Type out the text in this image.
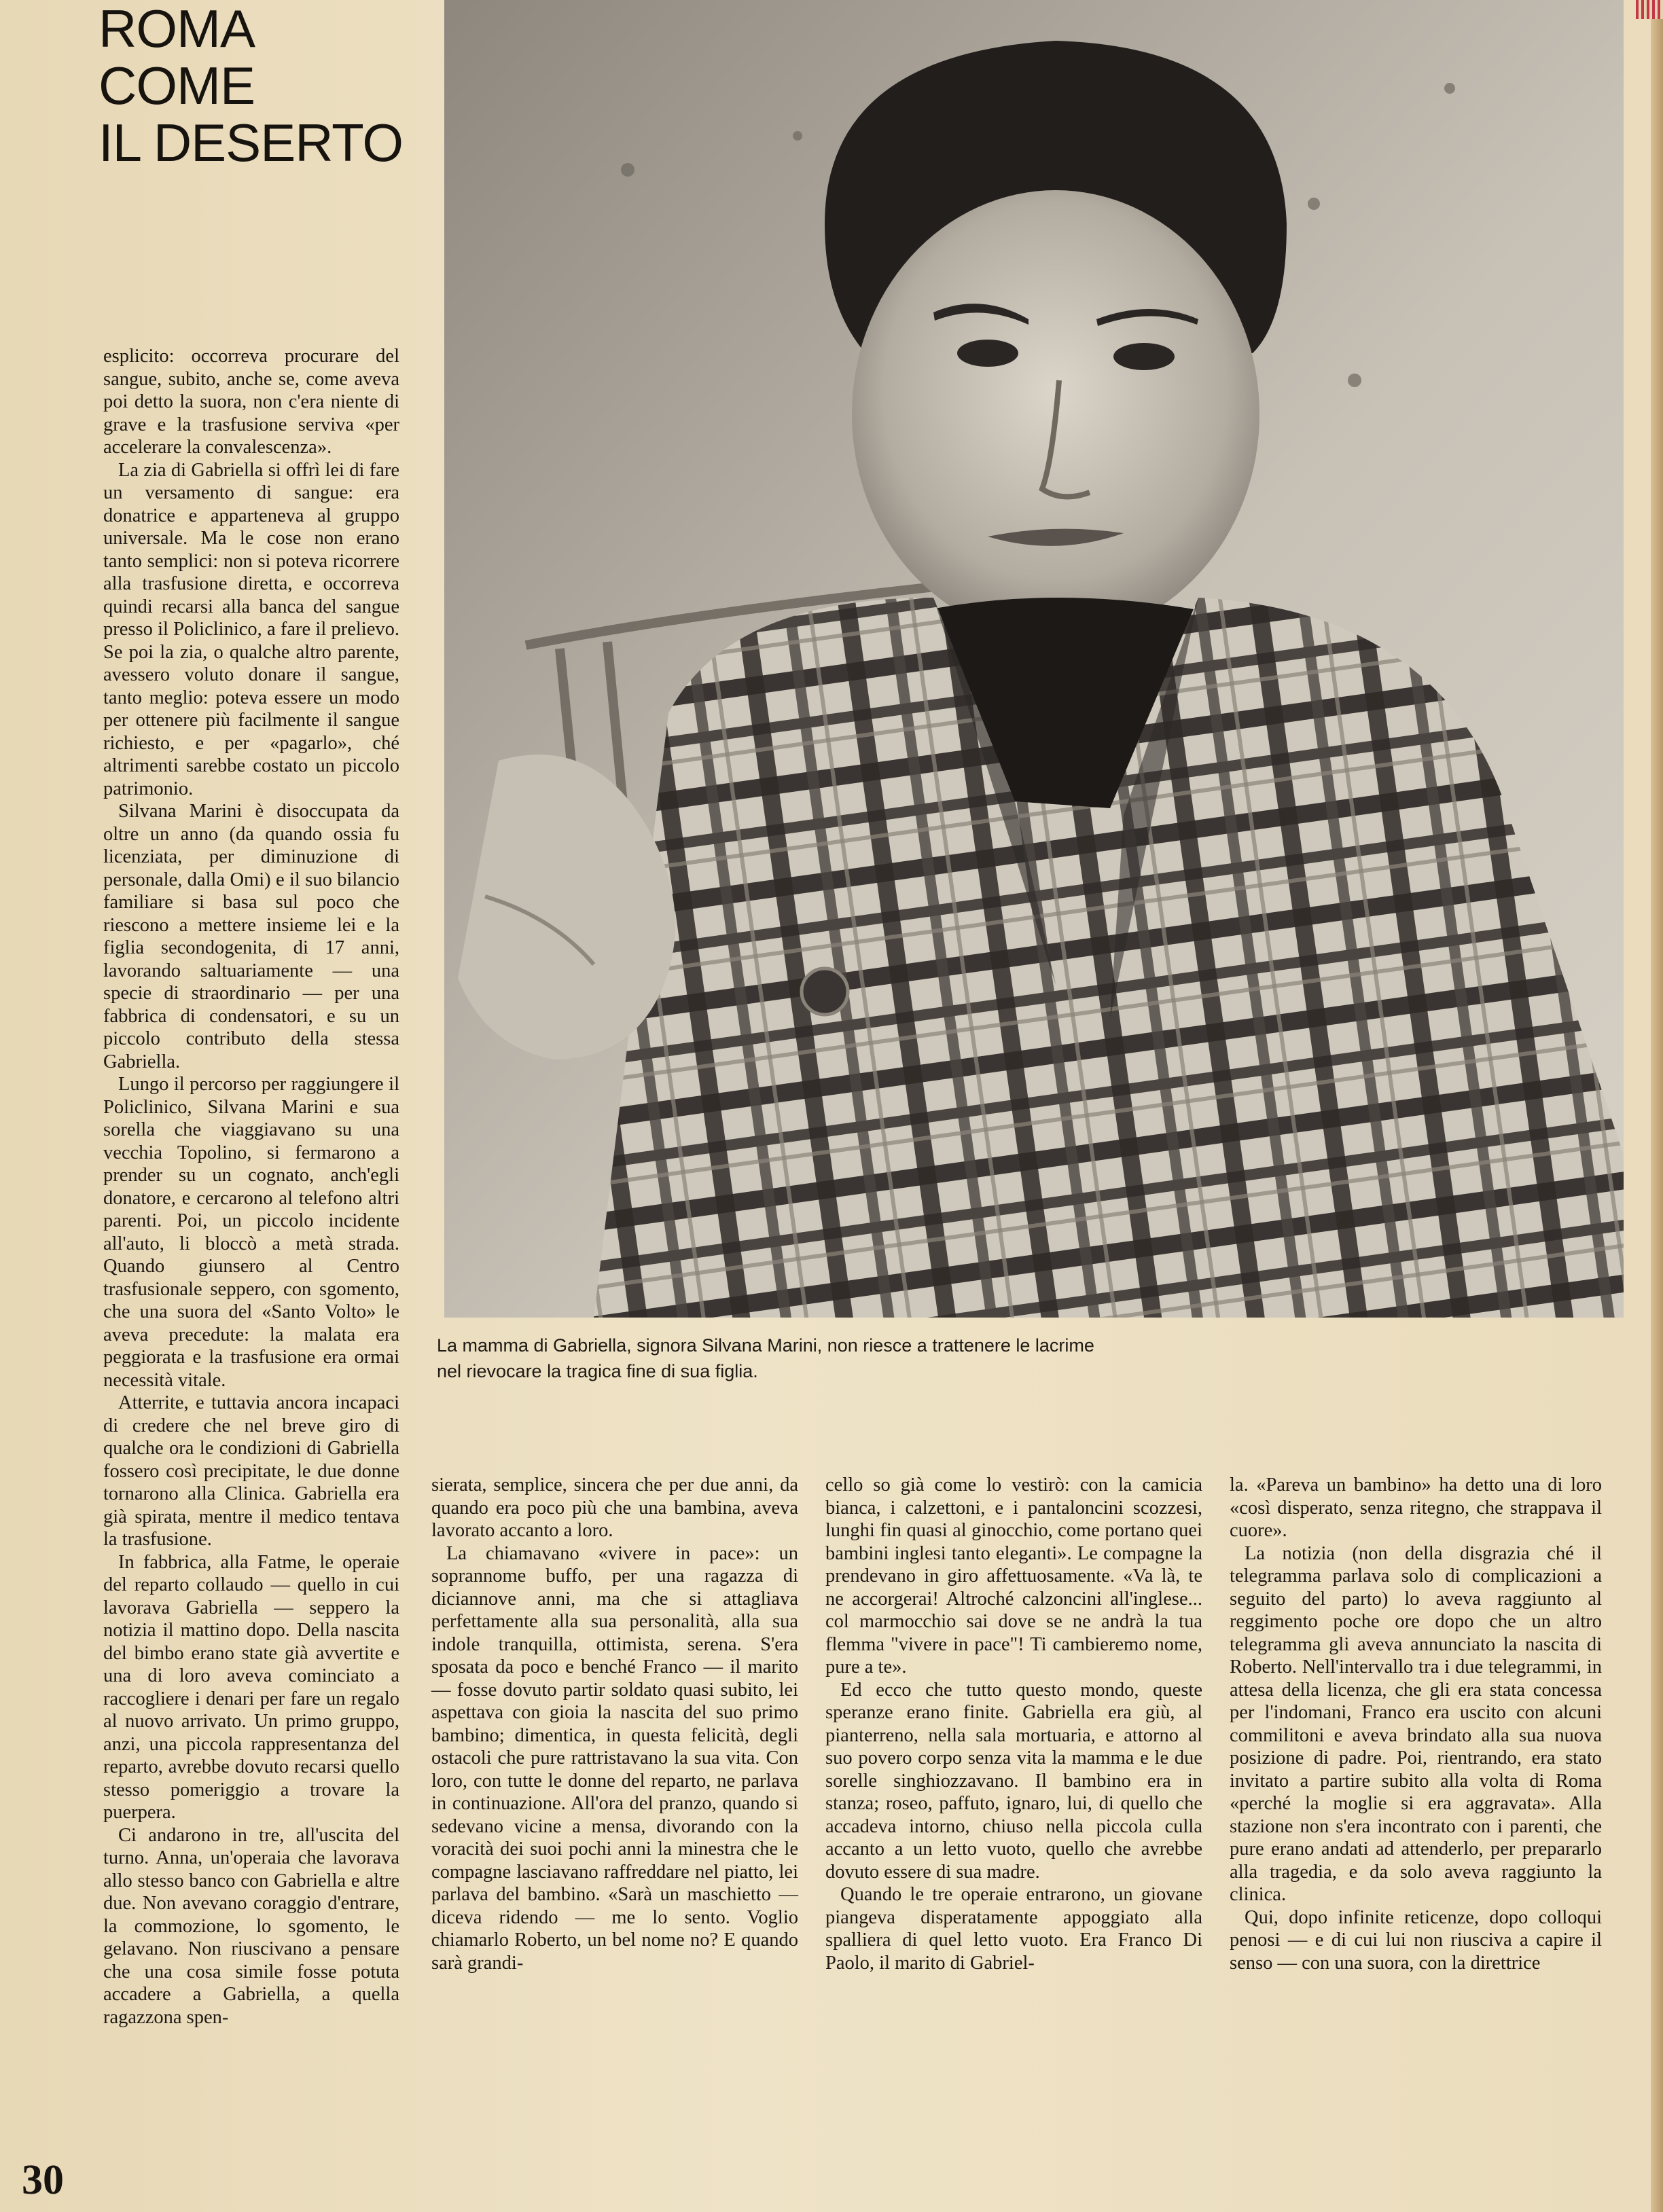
ROMA
COME
IL DESERTO

La mamma di Gabriella, signora Silvana Marini, non riesce a trattenere le lacrime nel rievocare la tragica fine di sua figlia.

esplicito: occorreva procurare del sangue, subito, anche se, come aveva poi detto la suora, non c'era niente di grave e la trasfusione serviva «per accelerare la convalescenza».

La zia di Gabriella si offrì lei di fare un versamento di sangue: era donatrice e apparteneva al gruppo universale. Ma le cose non erano tanto semplici: non si poteva ricorrere alla trasfusione diretta, e occorreva quindi recarsi alla banca del sangue presso il Policlinico, a fare il prelievo. Se poi la zia, o qualche altro parente, avessero voluto donare il sangue, tanto meglio: poteva essere un modo per ottenere più facilmente il sangue richiesto, e per «pagarlo», ché altrimenti sarebbe costato un piccolo patrimonio.

Silvana Marini è disoccupata da oltre un anno (da quando ossia fu licenziata, per diminuzione di personale, dalla Omi) e il suo bilancio familiare si basa sul poco che riescono a mettere insieme lei e la figlia secondogenita, di 17 anni, lavorando saltuariamente — una specie di straordinario — per una fabbrica di condensatori, e su un piccolo contributo della stessa Gabriella.

Lungo il percorso per raggiungere il Policlinico, Silvana Marini e sua sorella che viaggiavano su una vecchia Topolino, si fermarono a prender su un cognato, anch'egli donatore, e cercarono al telefono altri parenti. Poi, un piccolo incidente all'auto, li bloccò a metà strada. Quando giunsero al Centro trasfusionale seppero, con sgomento, che una suora del «Santo Volto» le aveva precedute: la malata era peggiorata e la trasfusione era ormai necessità vitale.

Atterrite, e tuttavia ancora incapaci di credere che nel breve giro di qualche ora le condizioni di Gabriella fossero così precipitate, le due donne tornarono alla Clinica. Gabriella era già spirata, mentre il medico tentava la trasfusione.

In fabbrica, alla Fatme, le operaie del reparto collaudo — quello in cui lavorava Gabriella — seppero la notizia il mattino dopo. Della nascita del bimbo erano state già avvertite e una di loro aveva cominciato a raccogliere i denari per fare un regalo al nuovo arrivato. Un primo gruppo, anzi, una piccola rappresentanza del reparto, avrebbe dovuto recarsi quello stesso pomeriggio a trovare la puerpera.

Ci andarono in tre, all'uscita del turno. Anna, un'operaia che lavorava allo stesso banco con Gabriella e altre due. Non avevano coraggio d'entrare, la commozione, lo sgomento, le gelavano. Non riuscivano a pensare che una cosa simile fosse potuta accadere a Gabriella, a quella ragazzona spen-

sierata, semplice, sincera che per due anni, da quando era poco più che una bambina, aveva lavorato accanto a loro.

La chiamavano «vivere in pace»: un soprannome buffo, per una ragazza di diciannove anni, ma che si attagliava perfettamente alla sua personalità, alla sua indole tranquilla, ottimista, serena. S'era sposata da poco e benché Franco — il marito — fosse dovuto partir soldato quasi subito, lei aspettava con gioia la nascita del suo primo bambino; dimentica, in questa felicità, degli ostacoli che pure rattristavano la sua vita. Con loro, con tutte le donne del reparto, ne parlava in continuazione. All'ora del pranzo, quando si sedevano vicine a mensa, divorando con la voracità dei suoi pochi anni la minestra che le compagne lasciavano raffreddare nel piatto, lei parlava del bambino. «Sarà un maschietto — diceva ridendo — me lo sento. Voglio chiamarlo Roberto, un bel nome no? E quando sarà grandi-

cello so già come lo vestirò: con la camicia bianca, i calzettoni, e i pantaloncini scozzesi, lunghi fin quasi al ginocchio, come portano quei bambini inglesi tanto eleganti». Le compagne la prendevano in giro affettuosamente. «Va là, te ne accorgerai! Altroché calzoncini all'inglese... col marmocchio sai dove se ne andrà la tua flemma "vivere in pace"! Ti cambieremo nome, pure a te».

Ed ecco che tutto questo mondo, queste speranze erano finite. Gabriella era giù, al pianterreno, nella sala mortuaria, e attorno al suo povero corpo senza vita la mamma e le due sorelle singhiozzavano. Il bambino era in stanza; roseo, paffuto, ignaro, lui, di quello che accadeva intorno, chiuso nella piccola culla accanto a un letto vuoto, quello che avrebbe dovuto essere di sua madre.

Quando le tre operaie entrarono, un giovane piangeva disperatamente appoggiato alla spalliera di quel letto vuoto. Era Franco Di Paolo, il marito di Gabriel-

la. «Pareva un bambino» ha detto una di loro «così disperato, senza ritegno, che strappava il cuore».

La notizia (non della disgrazia ché il telegramma parlava solo di complicazioni a seguito del parto) lo aveva raggiunto al reggimento poche ore dopo che un altro telegramma gli aveva annunciato la nascita di Roberto. Nell'intervallo tra i due telegrammi, in attesa della licenza, che gli era stata concessa per l'indomani, Franco era uscito con alcuni commilitoni e aveva brindato alla sua nuova posizione di padre. Poi, rientrando, era stato invitato a partire subito alla volta di Roma «perché la moglie si era aggravata». Alla stazione non s'era incontrato con i parenti, che pure erano andati ad attenderlo, per prepararlo alla tragedia, e da solo aveva raggiunto la clinica.

Qui, dopo infinite reticenze, dopo colloqui penosi — e di cui lui non riusciva a capire il senso — con una suora, con la direttrice

30
